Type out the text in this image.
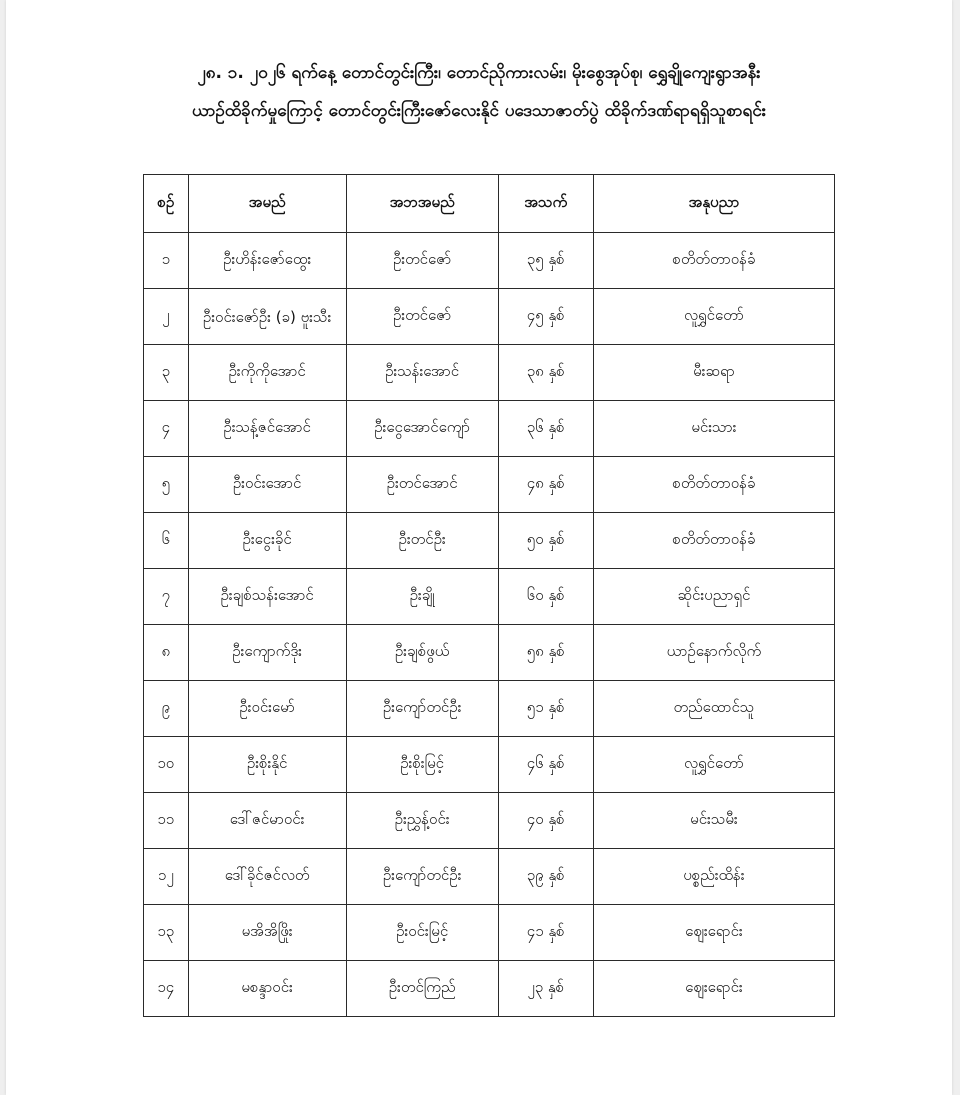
၂၈. ၁. ၂၀၂၆ ရက်နေ့ တောင်တွင်းကြီး၊ တောင်ညိုကားလမ်း၊ မိုးစွေအုပ်စု၊ ရွှေချိုကျေးရွာအနီး
ယာဉ်ထိခိုက်မှုကြောင့် တောင်တွင်းကြီးဇော်လေးနိုင် ပဒေသာဇာတ်ပွဲ ထိခိုက်ဒဏ်ရာရရှိသူစာရင်း
စဉ်	အမည်	အဘအမည်	အသက်	အနုပညာ
၁	ဦးဟိန်းဇော်ထွေး	ဦးတင်ဇော်	၃၅ နှစ်	စတိတ်တာဝန်ခံ
၂	ဦးဝင်းဇော်ဦး (ခ) ဗူးသီး	ဦးတင်ဇော်	၄၅ နှစ်	လူရွှင်တော်
၃	ဦးကိုကိုအောင်	ဦးသန်းအောင်	၃၈ နှစ်	မီးဆရာ
၄	ဦးသန့်ဇင်အောင်	ဦးငွေအောင်ကျော်	၃၆ နှစ်	မင်းသား
၅	ဦးဝင်းအောင်	ဦးတင်အောင်	၄၈ နှစ်	စတိတ်တာဝန်ခံ
၆	ဦးငွေးခိုင်	ဦးတင်ဦး	၅၀ နှစ်	စတိတ်တာဝန်ခံ
၇	ဦးချစ်သန်းအောင်	ဦးချို	၆၀ နှစ်	ဆိုင်းပညာရှင်
၈	ဦးကျောက်ဒိုး	ဦးချစ်ဖွယ်	၅၈ နှစ်	ယာဉ်နောက်လိုက်
၉	ဦးဝင်းမော်	ဦးကျော်တင်ဦး	၅၁ နှစ်	တည်ထောင်သူ
၁၀	ဦးစိုးနိုင်	ဦးစိုးမြင့်	၄၆ နှစ်	လူရွှင်တော်
၁၁	ဒေါ်ဇင်မာဝင်း	ဦးညွှန့်ဝင်း	၄၀ နှစ်	မင်းသမီး
၁၂	ဒေါ်ခိုင်ဇင်လတ်	ဦးကျော်တင်ဦး	၃၉ နှစ်	ပစ္စည်းထိန်း
၁၃	မအိအိဖြိုး	ဦးဝင်းမြင့်	၄၁ နှစ်	ဈေးရောင်း
၁၄	မစန္ဒာဝင်း	ဦးတင်ကြည်	၂၃ နှစ်	ဈေးရောင်း
